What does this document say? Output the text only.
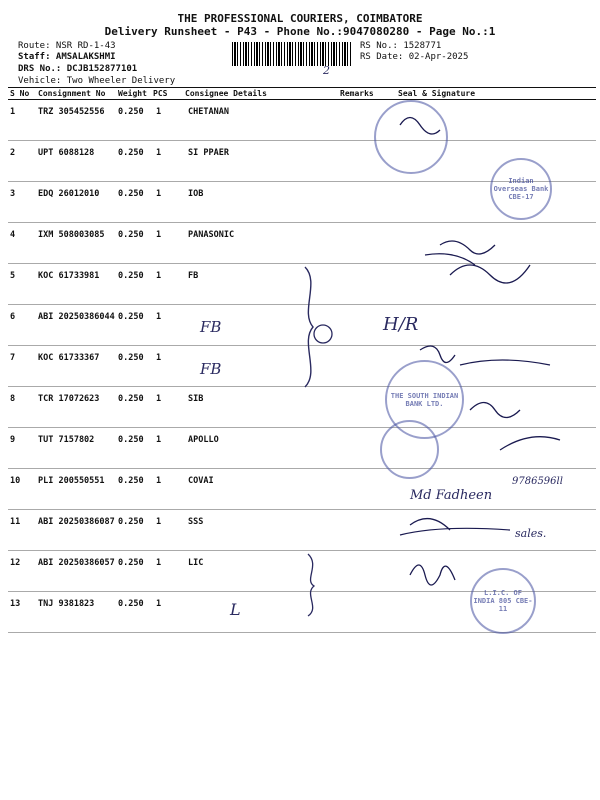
THE PROFESSIONAL COURIERS, COIMBATORE
Delivery Runsheet - P43 - Phone No.:9047080280 - Page No.:1
Route: NSR RD-1-43
Staff: AMSALAKSHMI
DRS No.: DCJB152877101
Vehicle: Two Wheeler Delivery
RS No.: 1528771
RS Date: 02-Apr-2025
S No Consignment No Weight PCS Consignee Details	Remarks	Seal & Signature
1	TRZ 305452556 0.250 1	CHETANAN
2	UPT 6088128	0.250 1	SI PPAER
3	EDQ 26012010 0.250 1	IOB
4	IXM 508003085 0.250 1	PANASONIC
5	KOC 61733981 0.250 1	FB
6	ABI 20250386044 0.250 1
7	KOC 61733367 0.250 1
8	TCR 17072623 0.250 1	SIB
9	TUT 7157802	0.250 1	APOLLO
10 PLI 200550551 0.250 1	COVAI
11 ABI 20250386087 0.250 1	SSS
12 ABI 20250386057 0.250 1	LIC
13 TNJ 9381823	0.250 1
FB
FB
2
H/R
9786596ll
Md Fadheen
sales.
L
Indian Overseas Bank CBE-17
THE SOUTH INDIAN BANK LTD.
L.I.C. OF INDIA 805 CBE-11
